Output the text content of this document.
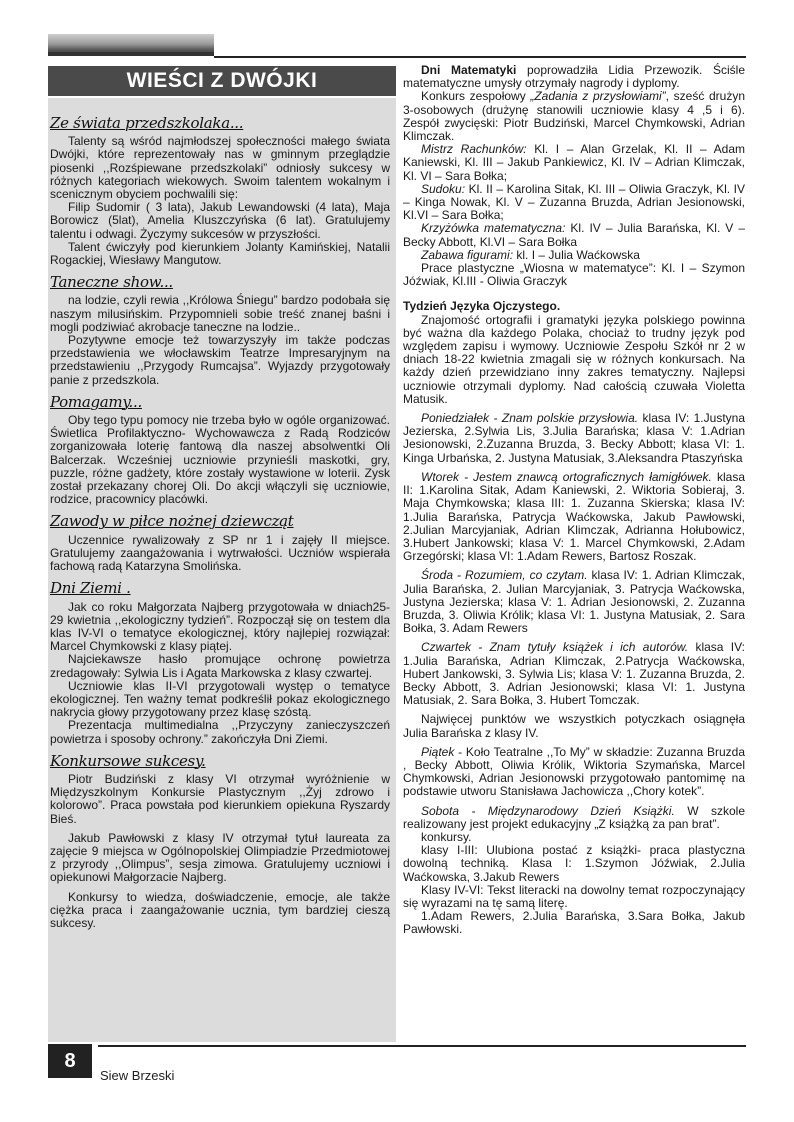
WIEŚCI Z DWÓJKI
Ze świata przedszkolaka...

Talenty są wśród najmłodszej społeczności małego świata Dwójki, które reprezentowały nas w gminnym przeglądzie piosenki ,,Rozśpiewane przedszkolaki” odniosły sukcesy w różnych kategoriach wiekowych. Swoim talentem wokalnym i scenicznym obyciem pochwalili się:

Filip Sudomir ( 3 lata), Jakub Lewandowski (4 lata), Maja Borowicz (5lat), Amelia Kluszczyńska (6 lat). Gratulujemy talentu i odwagi. Życzymy sukcesów w przyszłości.

Talent ćwiczyły pod kierunkiem Jolanty Kamińskiej, Natalii Rogackiej, Wiesławy Mangutow.

Taneczne show...

na lodzie, czyli rewia ,,Królowa Śniegu” bardzo podobała się naszym milusińskim. Przypomnieli sobie treść znanej baśni i mogli podziwiać akrobacje taneczne na lodzie..

Pozytywne emocje też towarzyszyły im także podczas przedstawienia we włocławskim Teatrze Impresaryjnym na przedstawieniu ,,Przygody Rumcajsa”. Wyjazdy przygotowały panie z przedszkola.

Pomagamy...

Oby tego typu pomocy nie trzeba było w ogóle organizować. Świetlica Profilaktyczno- Wychowawcza z Radą Rodziców zorganizowała loterię fantową dla naszej absolwentki Oli Balcerzak. Wcześniej uczniowie przynieśli maskotki, gry, puzzle, różne gadżety, które zostały wystawione w loterii. Zysk został przekazany chorej Oli. Do akcji włączyli się uczniowie, rodzice, pracownicy placówki.

Zawody w piłce nożnej dziewcząt

Uczennice rywalizowały z SP nr 1 i zajęły II miejsce. Gratulujemy zaangażowania i wytrwałości. Uczniów wspierała fachową radą Katarzyna Smolińska.

Dni Ziemi .

Jak co roku Małgorzata Najberg przygotowała w dniach25- 29 kwietnia ,,ekologiczny tydzień”. Rozpoczął się on testem dla klas IV-VI o tematyce ekologicznej, który najlepiej rozwiązał: Marcel Chymkowski z klasy piątej.

Najciekawsze hasło promujące ochronę powietrza zredagowały: Sylwia Lis i Agata Markowska z klasy czwartej.

Uczniowie klas II-VI przygotowali występ o tematyce ekologicznej. Ten ważny temat podkreślił pokaz ekologicznego nakrycia głowy przygotowany przez klasę szóstą.

Prezentacja multimedialna ,,Przyczyny zanieczyszczeń powietrza i sposoby ochrony.” zakończyła Dni Ziemi.

Konkursowe sukcesy.

Piotr Budziński z klasy VI otrzymał wyróżnienie w Międzyszkolnym Konkursie Plastycznym ,,Żyj zdrowo i kolorowo”. Praca powstała pod kierunkiem opiekuna Ryszardy Bieś.

Jakub Pawłowski z klasy IV otrzymał tytuł laureata za zajęcie 9 miejsca w Ogólnopolskiej Olimpiadzie Przedmiotowej z przyrody ,,Olimpus”, sesja zimowa. Gratulujemy uczniowi i opiekunowi Małgorzacie Najberg.

Konkursy to wiedza, doświadczenie, emocje, ale także ciężka praca i zaangażowanie ucznia, tym bardziej cieszą sukcesy.

Dni Matematyki poprowadziła Lidia Przewozik. Ściśle matematyczne umysły otrzymały nagrody i dyplomy.

Konkurs zespołowy „Zadania z przysłowiami”, sześć drużyn 3-osobowych (drużynę stanowili uczniowie klasy 4 ,5 i 6). Zespół zwycięski: Piotr Budziński, Marcel Chymkowski, Adrian Klimczak.

Mistrz Rachunków: Kl. I – Alan Grzelak, Kl. II – Adam Kaniewski, Kl. III – Jakub Pankiewicz, Kl. IV – Adrian Klimczak, Kl. VI – Sara Bołka;

Sudoku: Kl. II – Karolina Sitak, Kl. III – Oliwia Graczyk, Kl. IV – Kinga Nowak, Kl. V – Zuzanna Bruzda, Adrian Jesionowski, Kl.VI – Sara Bołka;

Krzyżówka matematyczna: Kl. IV – Julia Barańska, Kl. V – Becky Abbott, Kl.VI – Sara Bołka

Zabawa figurami: kl. I – Julia Waćkowska

Prace plastyczne „Wiosna w matematyce”: Kl. I – Szymon Jóźwiak, Kl.III - Oliwia Graczyk

Tydzień Języka Ojczystego.

Znajomość ortografii i gramatyki języka polskiego powinna być ważna dla każdego Polaka, chociaż to trudny język pod względem zapisu i wymowy. Uczniowie Zespołu Szkół nr 2 w dniach 18-22 kwietnia zmagali się w różnych konkursach. Na każdy dzień przewidziano inny zakres tematyczny. Najlepsi uczniowie otrzymali dyplomy. Nad całością czuwała Violetta Matusik.

Poniedziałek - Znam polskie przysłowia. klasa IV: 1.Justyna Jezierska, 2.Sylwia Lis, 3.Julia Barańska; klasa V: 1.Adrian Jesionowski, 2.Zuzanna Bruzda, 3. Becky Abbott; klasa VI: 1. Kinga Urbańska, 2. Justyna Matusiak, 3.Aleksandra Ptaszyńska

Wtorek - Jestem znawcą ortograficznych łamigłówek. klasa II: 1.Karolina Sitak, Adam Kaniewski, 2. Wiktoria Sobieraj, 3. Maja Chymkowska; klasa III: 1. Zuzanna Skierska; klasa IV: 1.Julia Barańska, Patrycja Waćkowska, Jakub Pawłowski, 2.Julian Marcyjaniak, Adrian Klimczak, Adrianna Hołubowicz, 3.Hubert Jankowski; klasa V: 1. Marcel Chymkowski, 2.Adam Grzegórski; klasa VI: 1.Adam Rewers, Bartosz Roszak.

Środa - Rozumiem, co czytam. klasa IV: 1. Adrian Klimczak, Julia Barańska, 2. Julian Marcyjaniak, 3. Patrycja Waćkowska, Justyna Jezierska; klasa V: 1. Adrian Jesionowski, 2. Zuzanna Bruzda, 3. Oliwia Królik; klasa VI: 1. Justyna Matusiak, 2. Sara Bołka, 3. Adam Rewers

Czwartek - Znam tytuły książek i ich autorów. klasa IV: 1.Julia Barańska, Adrian Klimczak, 2.Patrycja Waćkowska, Hubert Jankowski, 3. Sylwia Lis; klasa V: 1. Zuzanna Bruzda, 2. Becky Abbott, 3. Adrian Jesionowski; klasa VI: 1. Justyna Matusiak, 2. Sara Bołka, 3. Hubert Tomczak.

Najwięcej punktów we wszystkich potyczkach osiągnęła Julia Barańska z klasy IV.

Piątek - Koło Teatralne ,,To My” w składzie: Zuzanna Bruzda , Becky Abbott, Oliwia Królik, Wiktoria Szymańska, Marcel Chymkowski, Adrian Jesionowski przygotowało pantomimę na podstawie utworu Stanisława Jachowicza ,,Chory kotek”.

Sobota - Międzynarodowy Dzień Książki. W szkole realizowany jest projekt edukacyjny „Z książką za pan brat”.

konkursy.

klasy I-III: Ulubiona postać z książki- praca plastyczna dowolną techniką. Klasa I: 1.Szymon Jóźwiak, 2.Julia Waćkowska, 3.Jakub Rewers

Klasy IV-VI: Tekst literacki na dowolny temat rozpoczynający się wyrazami na tę samą literę.

1.Adam Rewers, 2.Julia Barańska, 3.Sara Bołka, Jakub Pawłowski.

8
Siew Brzeski
